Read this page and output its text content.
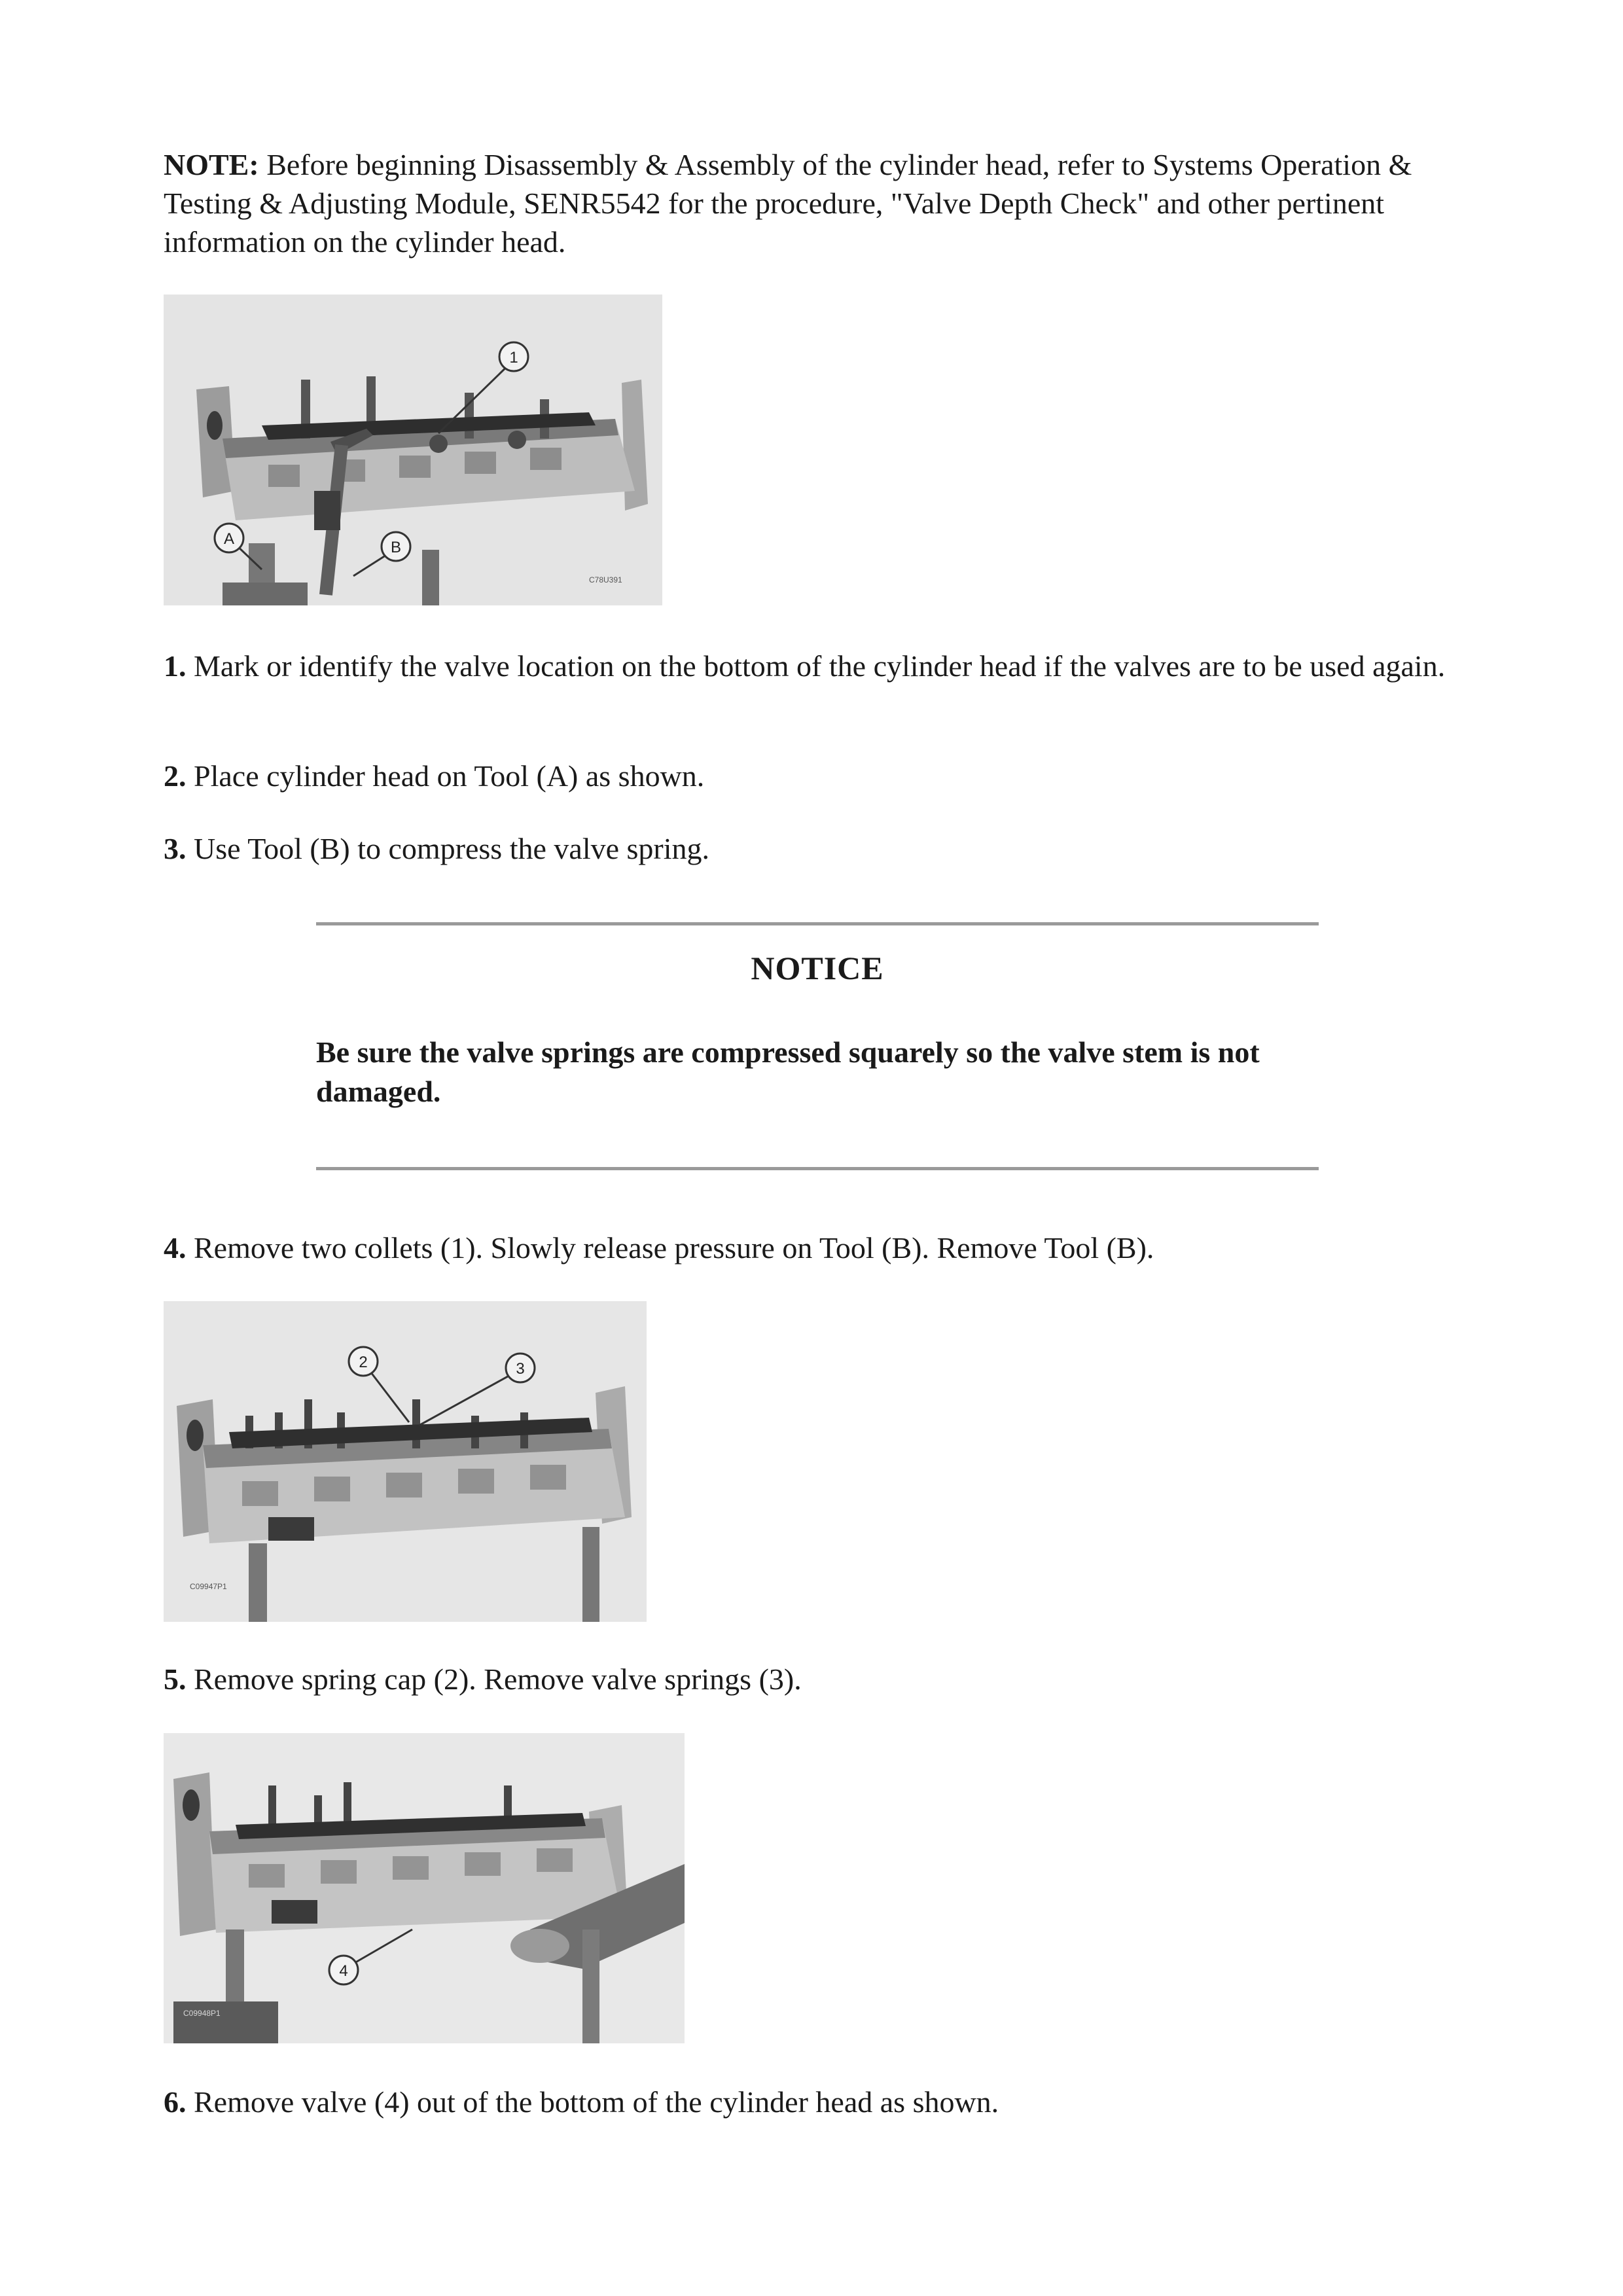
NOTE: Before beginning Disassembly & Assembly of the cylinder head, refer to Systems Operation & Testing & Adjusting Module, SENR5542 for the procedure, "Valve Depth Check" and other pertinent information on the cylinder head.

1
A	B
C78U391

1. Mark or identify the valve location on the bottom of the cylinder head if the valves are to be used again.

2. Place cylinder head on Tool (A) as shown.

3. Use Tool (B) to compress the valve spring.

NOTICE

Be sure the valve springs are compressed squarely so the valve stem is not damaged.

4. Remove two collets (1). Slowly release pressure on Tool (B). Remove Tool (B).

2	3
C09947P1

5. Remove spring cap (2). Remove valve springs (3).

4
C09948P1

6. Remove valve (4) out of the bottom of the cylinder head as shown.
